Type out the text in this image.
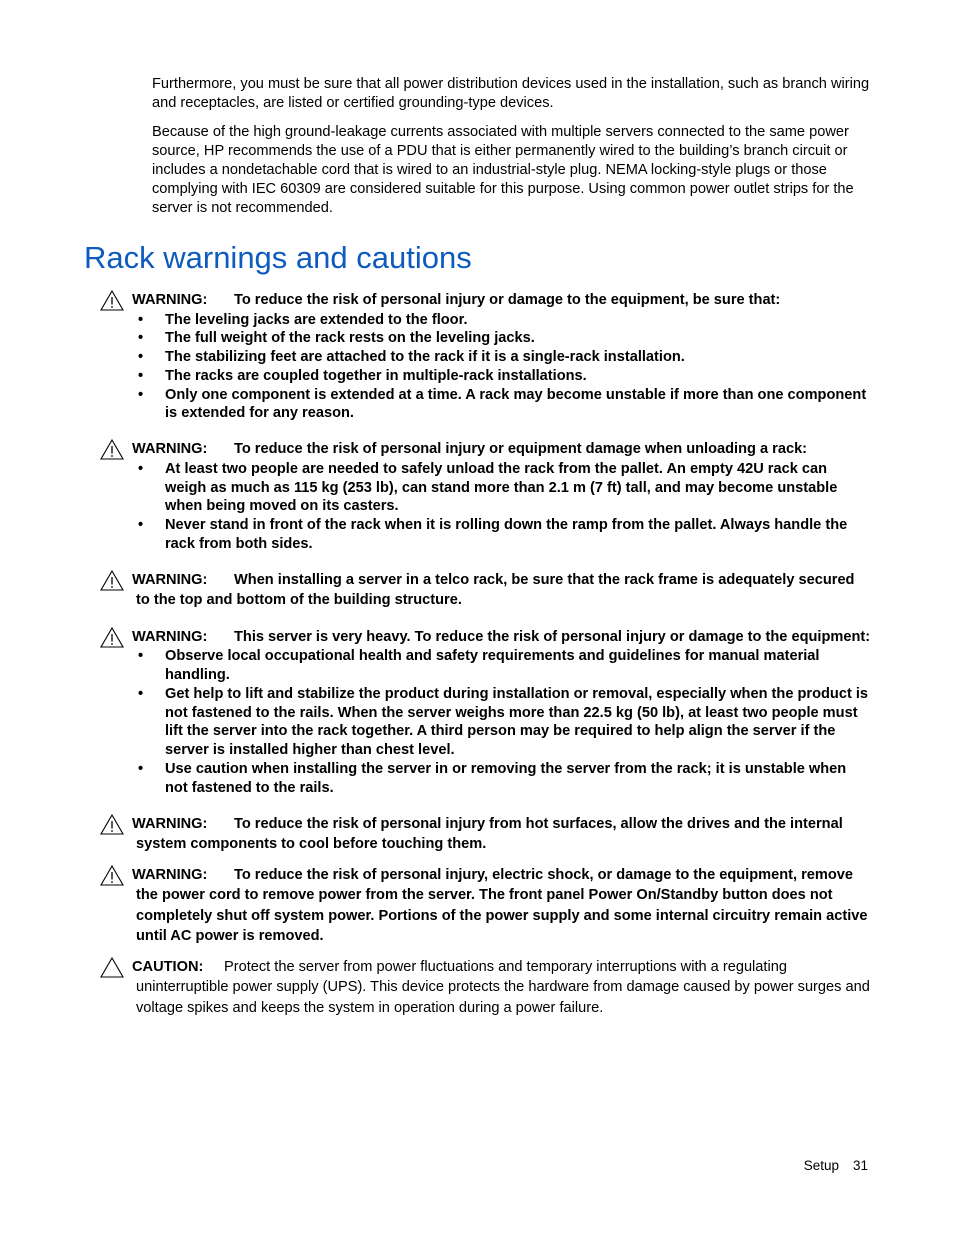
Furthermore, you must be sure that all power distribution devices used in the installation, such as branch wiring and receptacles, are listed or certified grounding-type devices.

Because of the high ground-leakage currents associated with multiple servers connected to the same power source, HP recommends the use of a PDU that is either permanently wired to the building’s branch circuit or includes a nondetachable cord that is wired to an industrial-style plug. NEMA locking-style plugs or those complying with IEC 60309 are considered suitable for this purpose. Using common power outlet strips for the server is not recommended.

Rack warnings and cautions
WARNING:	To reduce the risk of personal injury or damage to the equipment, be sure that:
• The leveling jacks are extended to the floor.
• The full weight of the rack rests on the leveling jacks.
• The stabilizing feet are attached to the rack if it is a single-rack installation.
• The racks are coupled together in multiple-rack installations.
• Only one component is extended at a time. A rack may become unstable if more than one component is extended for any reason.
WARNING:	To reduce the risk of personal injury or equipment damage when unloading a rack:
• At least two people are needed to safely unload the rack from the pallet. An empty 42U rack can weigh as much as 115 kg (253 lb), can stand more than 2.1 m (7 ft) tall, and may become unstable when being moved on its casters.
• Never stand in front of the rack when it is rolling down the ramp from the pallet. Always handle the rack from both sides.
WARNING:	When installing a server in a telco rack, be sure that the rack frame is adequately secured to the top and bottom of the building structure.
WARNING:	This server is very heavy. To reduce the risk of personal injury or damage to the equipment:
• Observe local occupational health and safety requirements and guidelines for manual material handling.
• Get help to lift and stabilize the product during installation or removal, especially when the product is not fastened to the rails. When the server weighs more than 22.5 kg (50 lb), at least two people must lift the server into the rack together. A third person may be required to help align the server if the server is installed higher than chest level.
• Use caution when installing the server in or removing the server from the rack; it is unstable when not fastened to the rails.
WARNING:	To reduce the risk of personal injury from hot surfaces, allow the drives and the internal system components to cool before touching them.
WARNING:	To reduce the risk of personal injury, electric shock, or damage to the equipment, remove the power cord to remove power from the server. The front panel Power On/Standby button does not completely shut off system power. Portions of the power supply and some internal circuitry remain active until AC power is removed.
CAUTION:	Protect the server from power fluctuations and temporary interruptions with a regulating uninterruptible power supply (UPS). This device protects the hardware from damage caused by power surges and voltage spikes and keeps the system in operation during a power failure.
Setup 31
